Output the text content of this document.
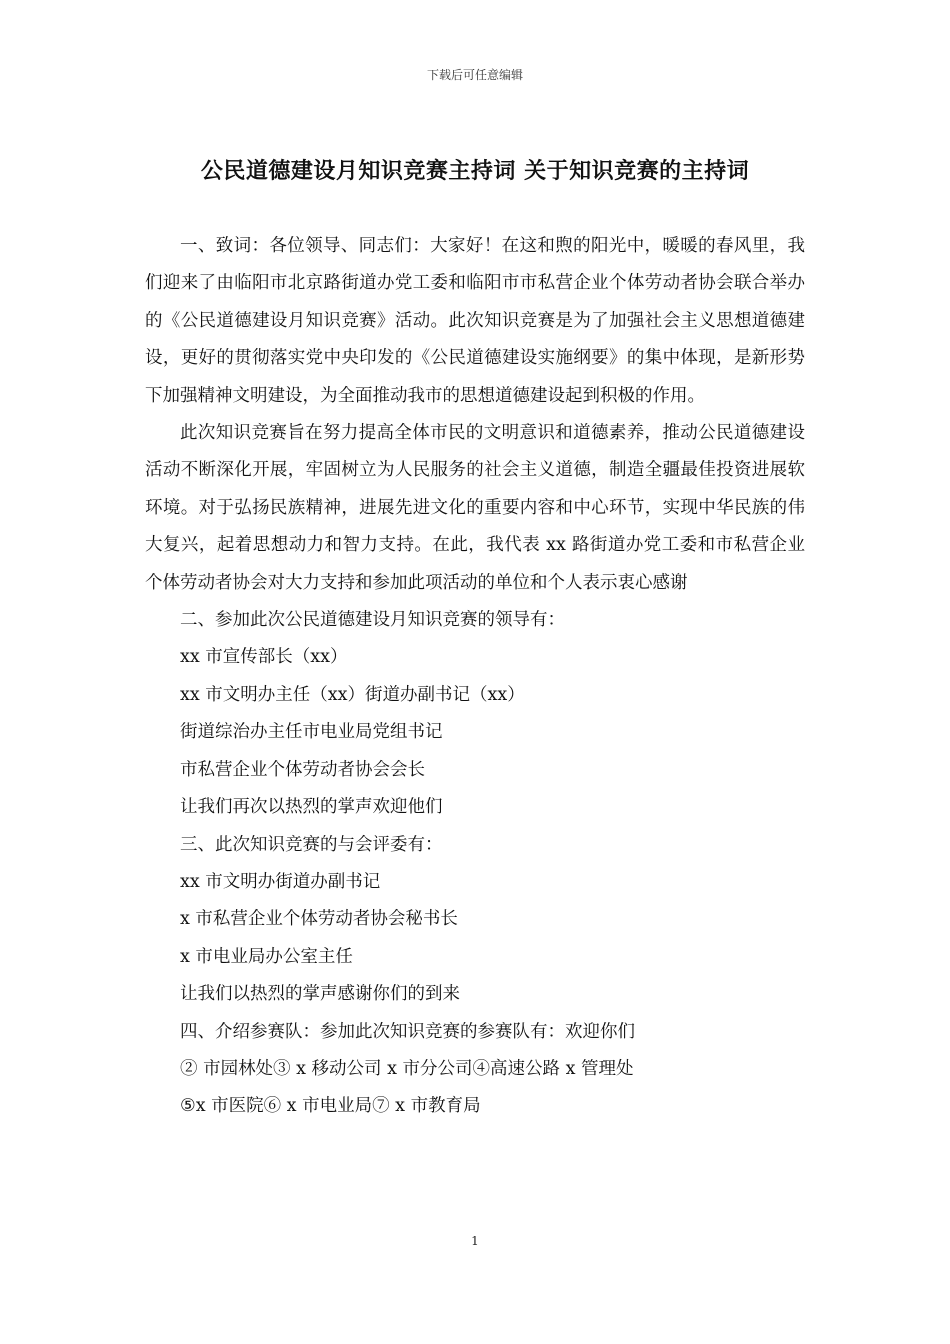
下载后可任意编辑
公民道德建设月知识竞赛主持词 关于知识竞赛的主持词

一、致词：各位领导、同志们：大家好！在这和煦的阳光中，暖暖的春风里，我们迎来了由临阳市北京路街道办党工委和临阳市市私营企业个体劳动者协会联合举办的《公民道德建设月知识竞赛》活动。此次知识竞赛是为了加强社会主义思想道德建设，更好的贯彻落实党中央印发的《公民道德建设实施纲要》的集中体现，是新形势下加强精神文明建设，为全面推动我市的思想道德建设起到积极的作用。

此次知识竞赛旨在努力提高全体市民的文明意识和道德素养，推动公民道德建设活动不断深化开展，牢固树立为人民服务的社会主义道德，制造全疆最佳投资进展软环境。对于弘扬民族精神，进展先进文化的重要内容和中心环节，实现中华民族的伟大复兴，起着思想动力和智力支持。在此，我代表 xx 路街道办党工委和市私营企业个体劳动者协会对大力支持和参加此项活动的单位和个人表示衷心感谢

二、参加此次公民道德建设月知识竞赛的领导有：

xx 市宣传部长（xx）

xx 市文明办主任（xx）街道办副书记（xx）

街道综治办主任市电业局党组书记

市私营企业个体劳动者协会会长

让我们再次以热烈的掌声欢迎他们

三、此次知识竞赛的与会评委有：

xx 市文明办街道办副书记

x 市私营企业个体劳动者协会秘书长

x 市电业局办公室主任

让我们以热烈的掌声感谢你们的到来

四、介绍参赛队：参加此次知识竞赛的参赛队有：欢迎你们

② 市园林处③ x 移动公司 x 市分公司④高速公路 x 管理处

⑤x 市医院⑥ x 市电业局⑦ x 市教育局

1
